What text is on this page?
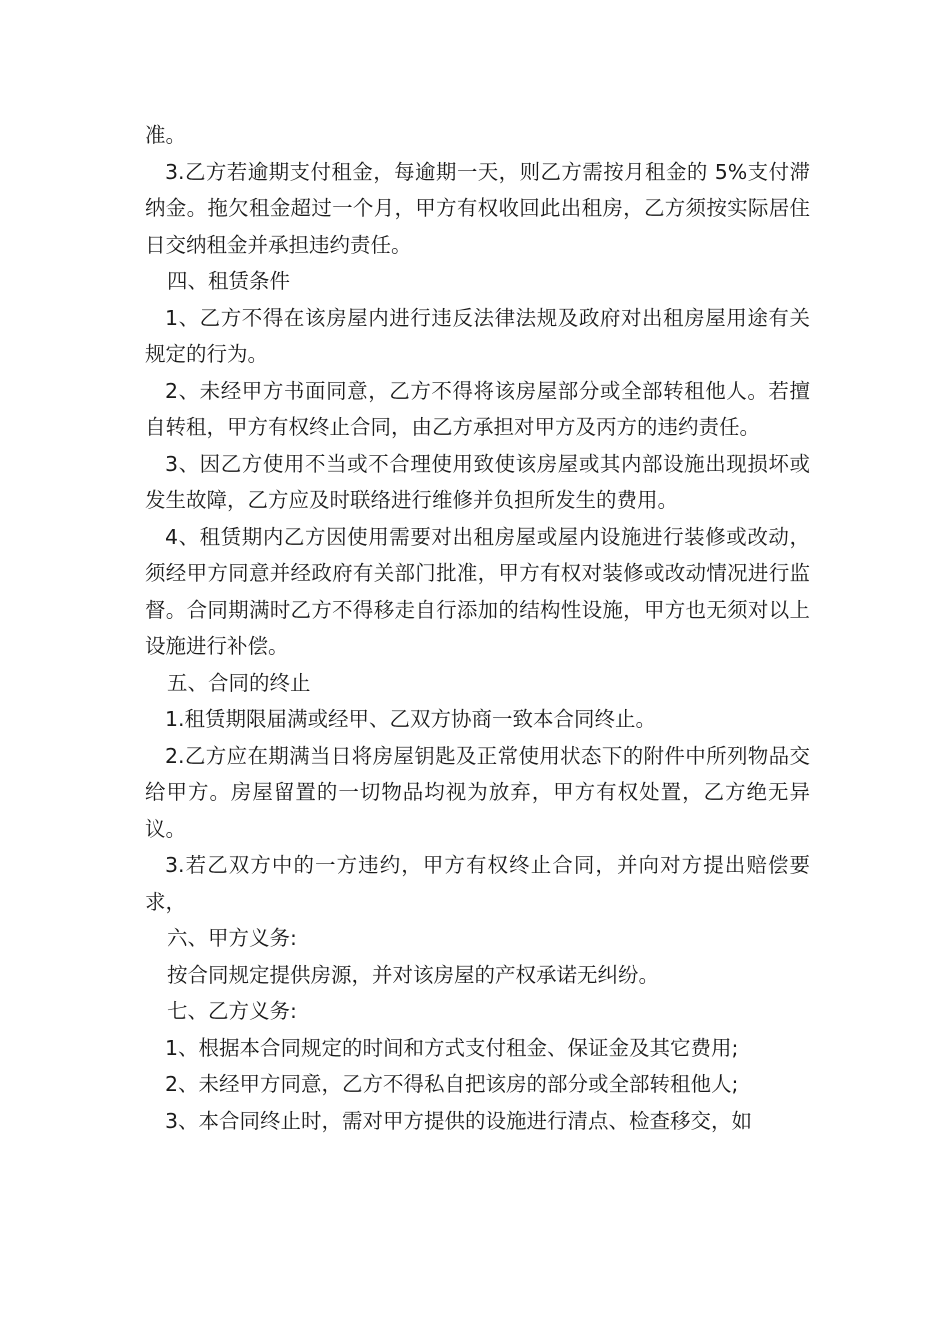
准。

3.乙方若逾期支付租金，每逾期一天，则乙方需按月租金的 5%支付滞纳金。拖欠租金超过一个月，甲方有权收回此出租房，乙方须按实际居住日交纳租金并承担违约责任。

四、租赁条件

1、乙方不得在该房屋内进行违反法律法规及政府对出租房屋用途有关规定的行为。

2、未经甲方书面同意，乙方不得将该房屋部分或全部转租他人。若擅自转租，甲方有权终止合同，由乙方承担对甲方及丙方的违约责任。

3、因乙方使用不当或不合理使用致使该房屋或其内部设施出现损坏或发生故障，乙方应及时联络进行维修并负担所发生的费用。

4、租赁期内乙方因使用需要对出租房屋或屋内设施进行装修或改动，须经甲方同意并经政府有关部门批准，甲方有权对装修或改动情况进行监督。合同期满时乙方不得移走自行添加的结构性设施，甲方也无须对以上设施进行补偿。

五、合同的终止

1.租赁期限届满或经甲、乙双方协商一致本合同终止。

2.乙方应在期满当日将房屋钥匙及正常使用状态下的附件中所列物品交给甲方。房屋留置的一切物品均视为放弃，甲方有权处置，乙方绝无异议。

3.若乙双方中的一方违约，甲方有权终止合同，并向对方提出赔偿要求，

六、甲方义务:

按合同规定提供房源，并对该房屋的产权承诺无纠纷。

七、乙方义务:

1、根据本合同规定的时间和方式支付租金、保证金及其它费用;

2、未经甲方同意，乙方不得私自把该房的部分或全部转租他人;

3、本合同终止时，需对甲方提供的设施进行清点、检查移交，如
